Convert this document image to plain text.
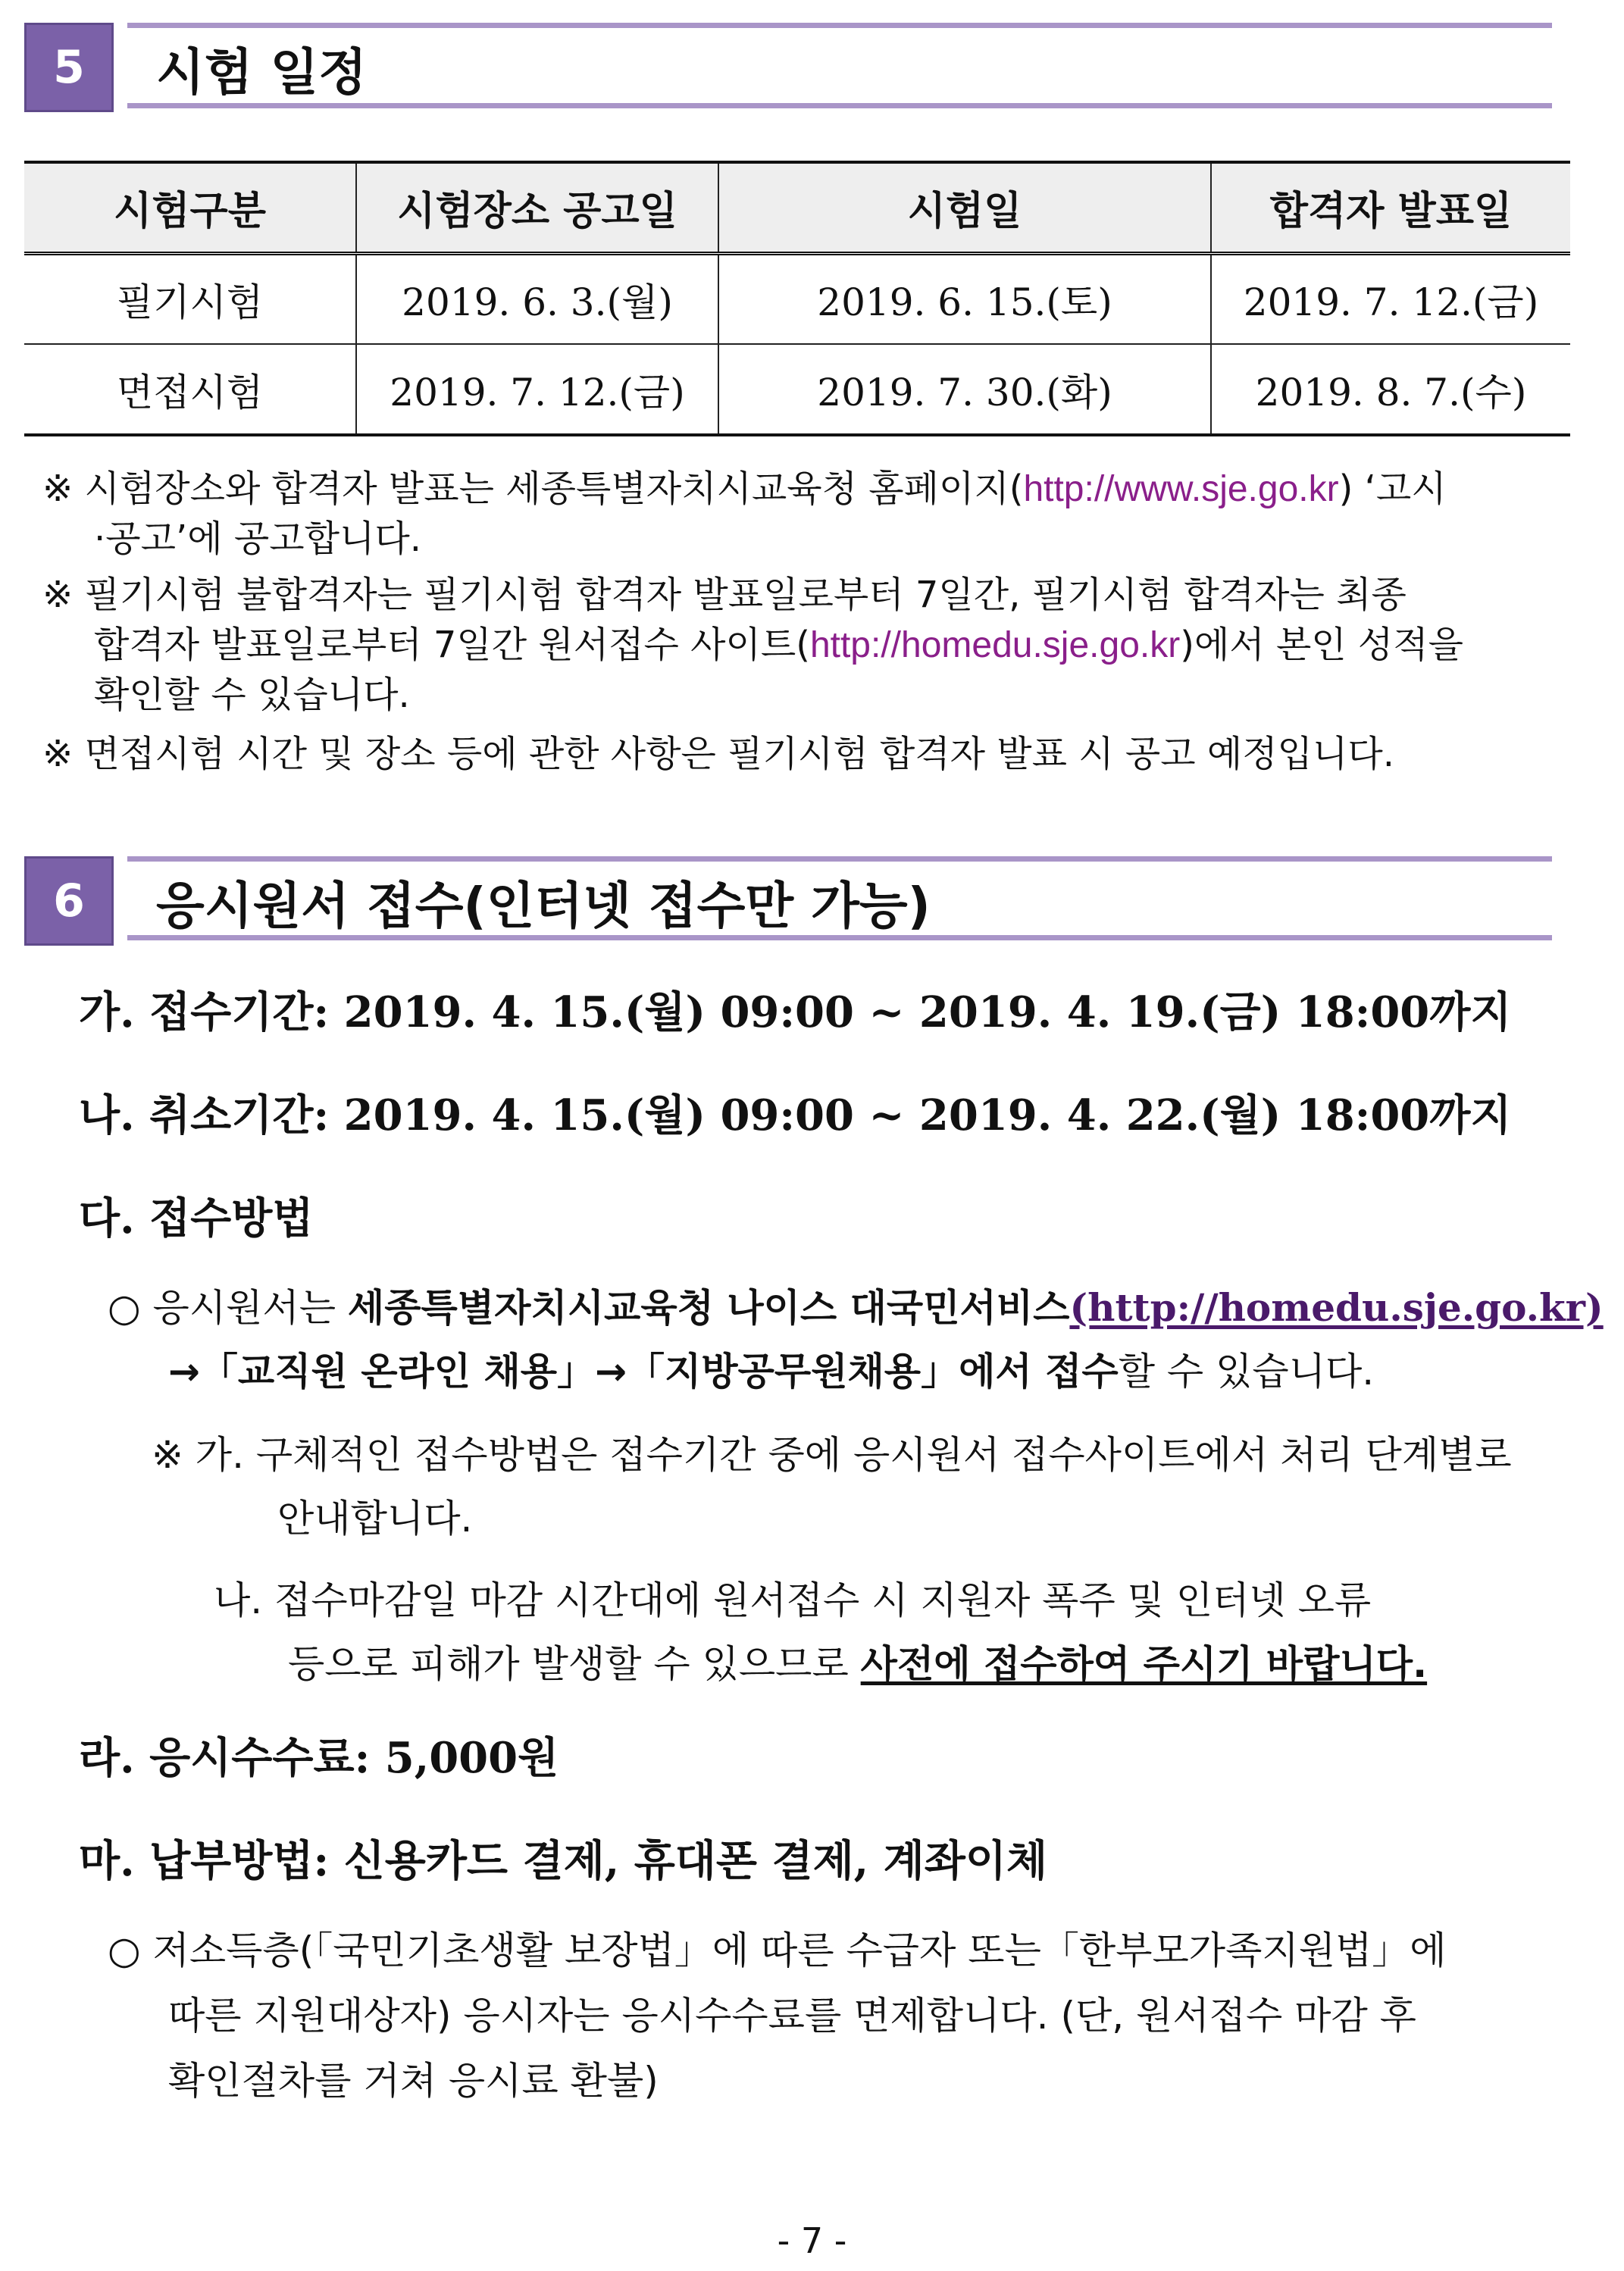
5 시험 일정
시험구분	시험장소 공고일	시험일	합격자 발표일
필기시험	2019. 6. 3.(월)	2019. 6. 15.(토)	2019. 7. 12.(금)
면접시험	2019. 7. 12.(금)	2019. 7. 30.(화)	2019. 8. 7.(수)
※ 시험장소와 합격자 발표는 세종특별자치시교육청 홈페이지(http://www.sje.go.kr) ‘고시
·공고’에 공고합니다.
※ 필기시험 불합격자는 필기시험 합격자 발표일로부터 7일간, 필기시험 합격자는 최종
합격자 발표일로부터 7일간 원서접수 사이트(http://homedu.sje.go.kr)에서 본인 성적을
확인할 수 있습니다.
※ 면접시험 시간 및 장소 등에 관한 사항은 필기시험 합격자 발표 시 공고 예정입니다.
6 응시원서 접수(인터넷 접수만 가능)
가. 접수기간: 2019. 4. 15.(월) 09:00 ~ 2019. 4. 19.(금) 18:00까지
나. 취소기간: 2019. 4. 15.(월) 09:00 ~ 2019. 4. 22.(월) 18:00까지
다. 접수방법
○ 응시원서는 세종특별자치시교육청 나이스 대국민서비스(http://homedu.sje.go.kr)
→「교직원 온라인 채용」→「지방공무원채용」에서 접수할 수 있습니다.
※ 가. 구체적인 접수방법은 접수기간 중에 응시원서 접수사이트에서 처리 단계별로
안내합니다.
나. 접수마감일 마감 시간대에 원서접수 시 지원자 폭주 및 인터넷 오류
등으로 피해가 발생할 수 있으므로 사전에 접수하여 주시기 바랍니다.
라. 응시수수료: 5,000원
마. 납부방법: 신용카드 결제, 휴대폰 결제, 계좌이체
○ 저소득층(「국민기초생활 보장법」에 따른 수급자 또는「한부모가족지원법」에
따른 지원대상자) 응시자는 응시수수료를 면제합니다. (단, 원서접수 마감 후
확인절차를 거쳐 응시료 환불)
- 7 -
